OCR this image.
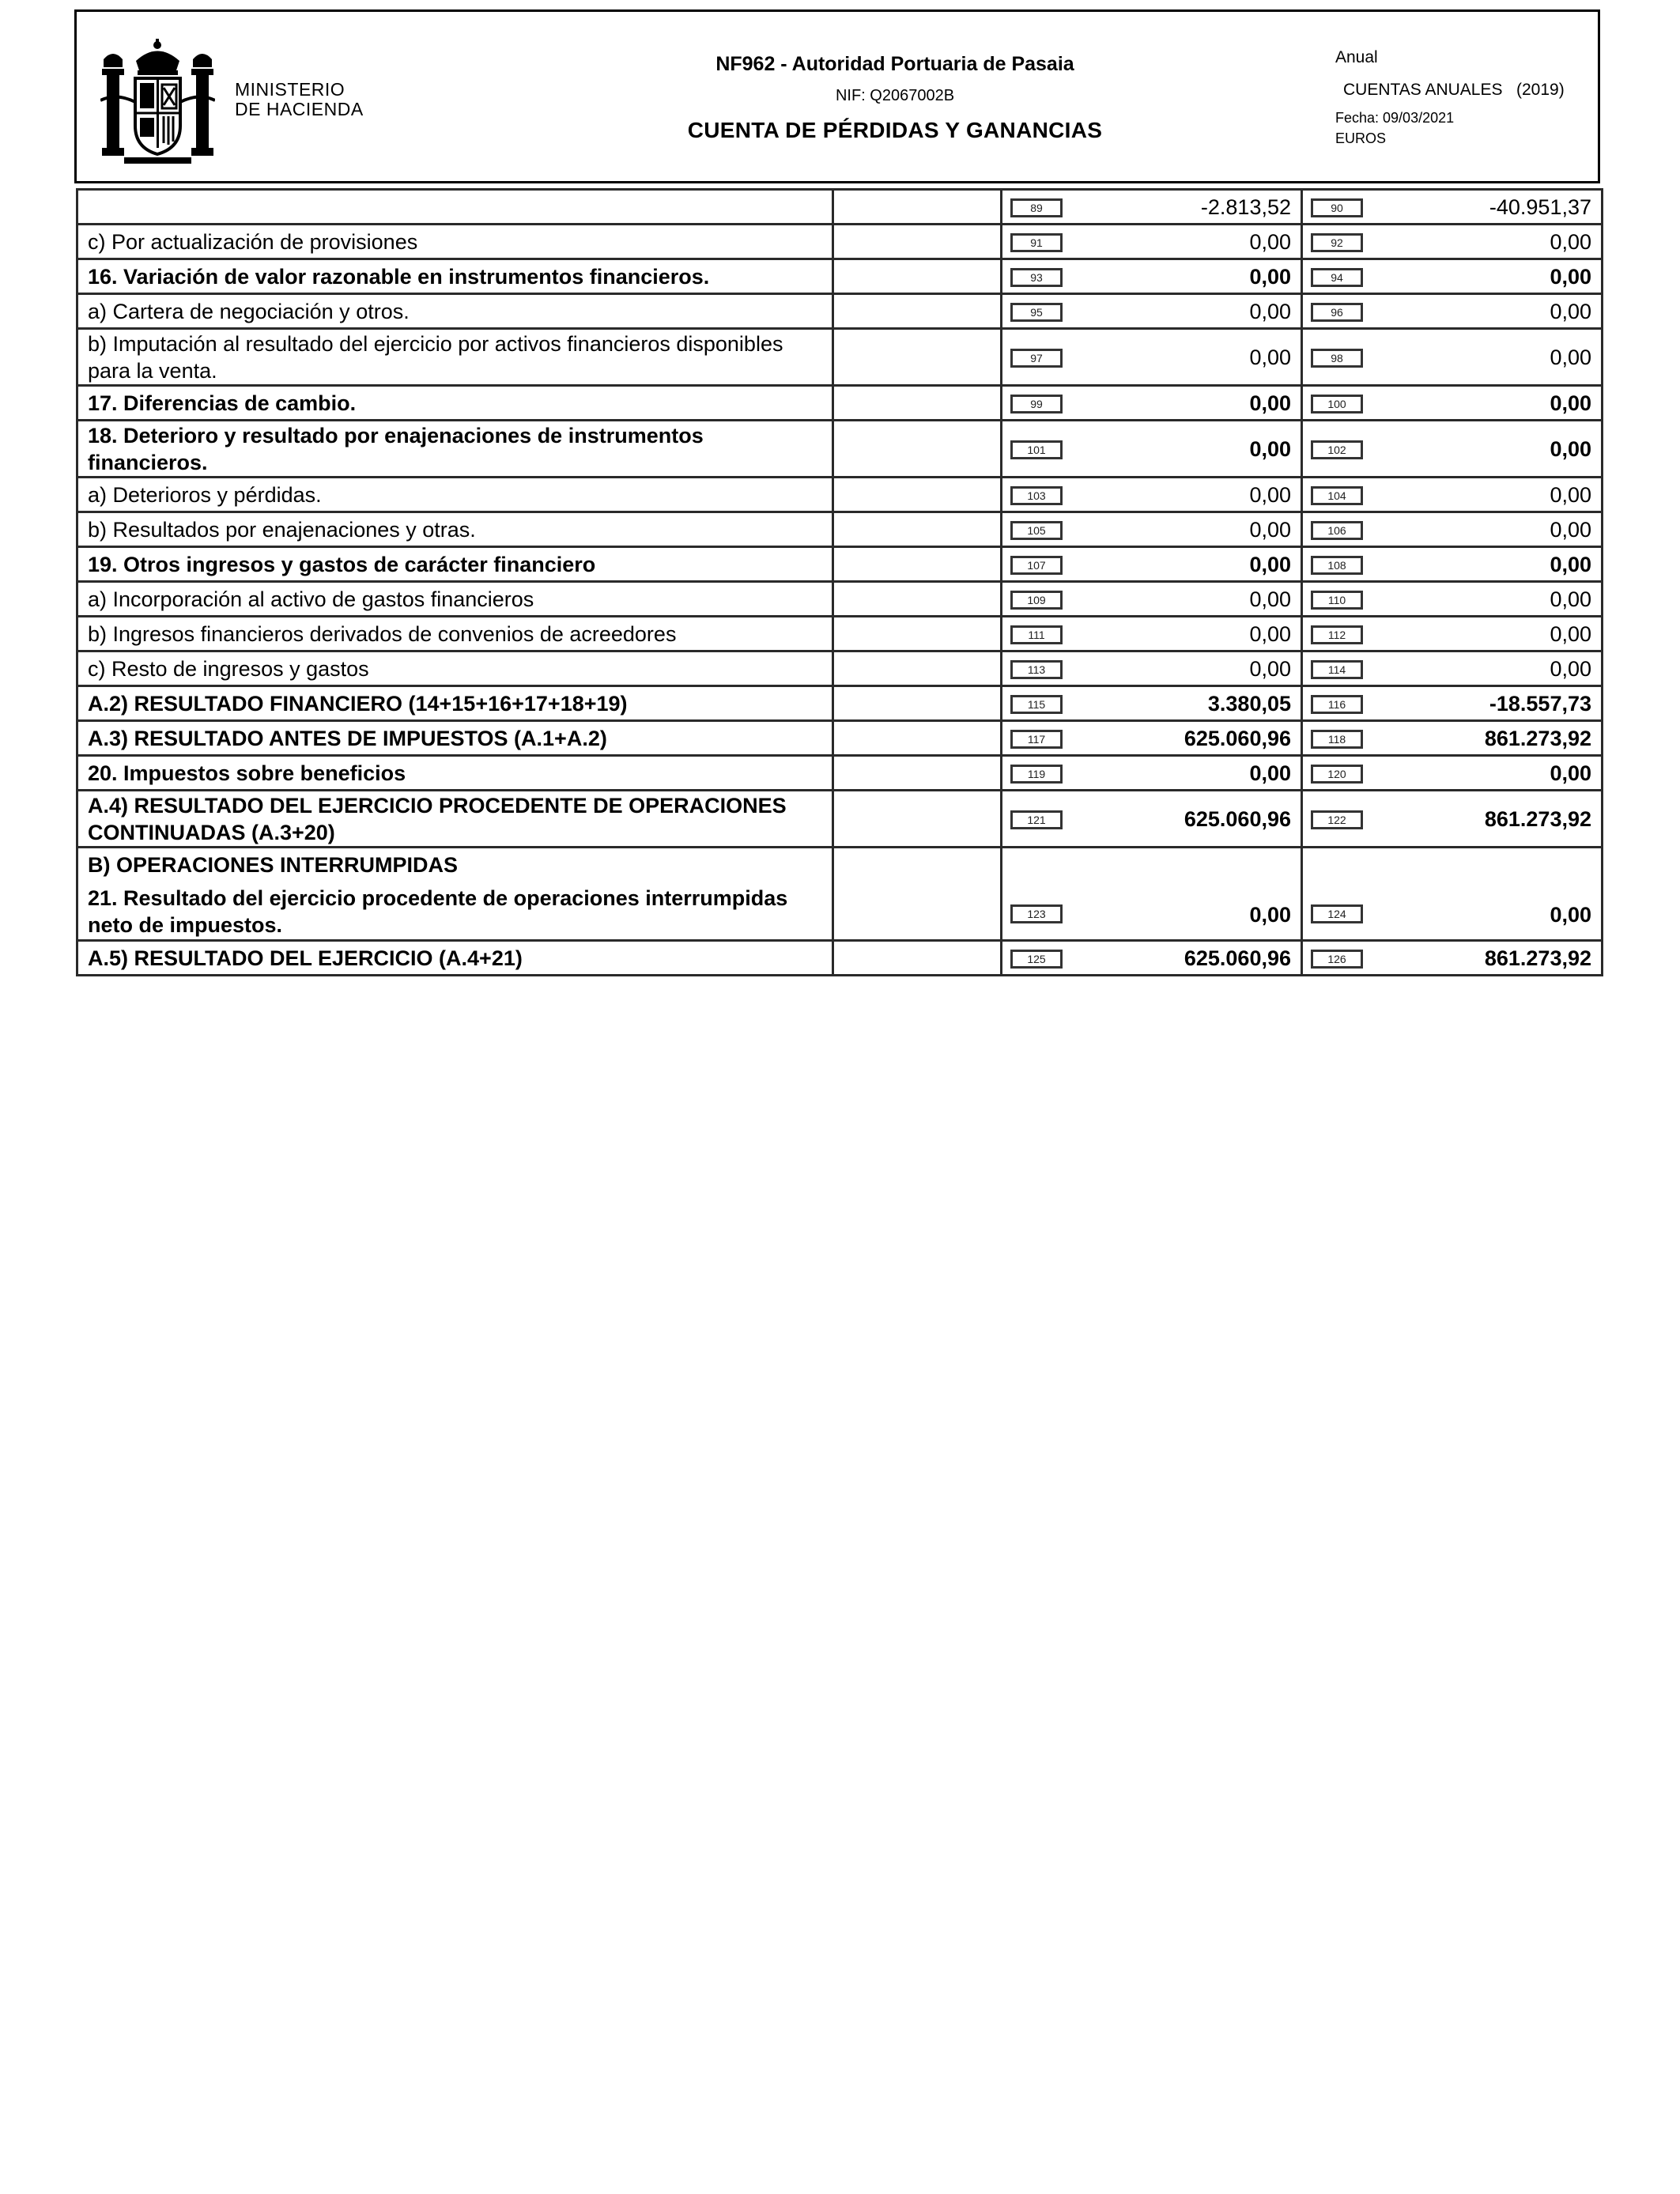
MINISTERIO
DE HACIENDA
NF962 - Autoridad Portuaria de Pasaia
NIF: Q2067002B
CUENTA DE PÉRDIDAS Y GANANCIAS
Anual
CUENTAS ANUALES   (2019)
Fecha: 09/03/2021
EUROS

		89 -2.813,52	90 -40.951,37
c) Por actualización de provisiones		91 0,00	92 0,00
16. Variación de valor razonable en instrumentos financieros.		93 0,00	94 0,00
a) Cartera de negociación y otros.		95 0,00	96 0,00
b) Imputación al resultado del ejercicio por activos financieros disponibles para la venta.		97 0,00	98 0,00
17. Diferencias de cambio.		99 0,00	100 0,00
18. Deterioro y resultado por enajenaciones de instrumentos financieros.		101 0,00	102 0,00
a) Deterioros y pérdidas.		103 0,00	104 0,00
b) Resultados por enajenaciones y otras.		105 0,00	106 0,00
19. Otros ingresos y gastos de carácter financiero		107 0,00	108 0,00
a) Incorporación al activo de gastos financieros		109 0,00	110 0,00
b) Ingresos financieros derivados de convenios de acreedores		111 0,00	112 0,00
c) Resto de ingresos y gastos		113 0,00	114 0,00
A.2) RESULTADO FINANCIERO (14+15+16+17+18+19)		115 3.380,05	116 -18.557,73
A.3) RESULTADO ANTES DE IMPUESTOS (A.1+A.2)		117 625.060,96	118 861.273,92
20. Impuestos sobre beneficios		119 0,00	120 0,00
A.4) RESULTADO DEL EJERCICIO PROCEDENTE DE OPERACIONES CONTINUADAS (A.3+20)		121 625.060,96	122 861.273,92

B) OPERACIONES INTERRUMPIDAS
21. Resultado del ejercicio procedente de operaciones interrumpidas neto de impuestos.		123 0,00	124 0,00
A.5) RESULTADO DEL EJERCICIO (A.4+21)		125 625.060,96	126 861.273,92
